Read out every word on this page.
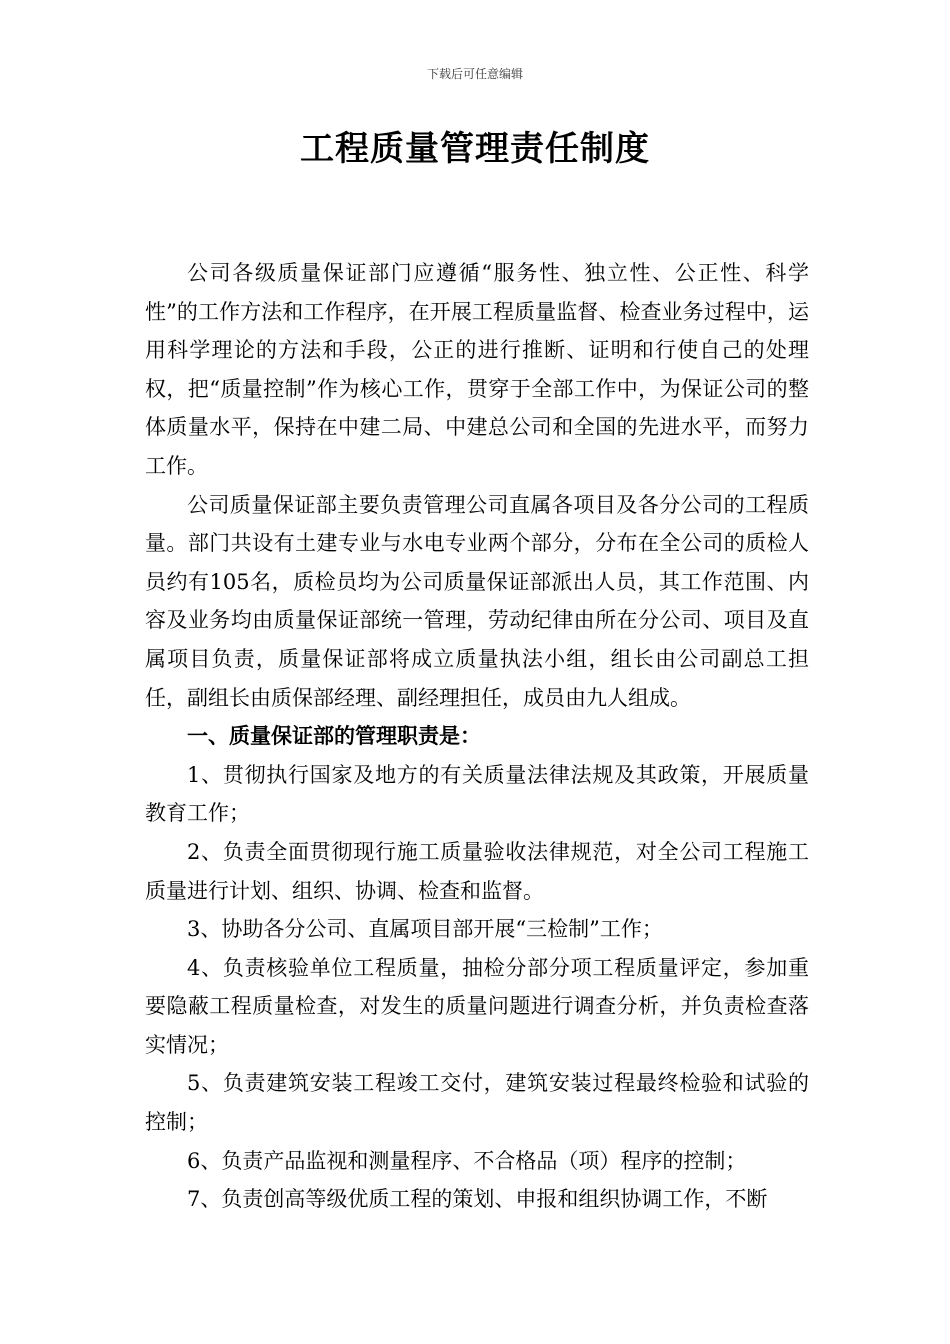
下载后可任意编辑
工程质量管理责任制度

公司各级质量保证部门应遵循“服务性、独立性、公正性、科学性”的工作方法和工作程序，在开展工程质量监督、检查业务过程中，运用科学理论的方法和手段，公正的进行推断、证明和行使自己的处理权，把“质量控制”作为核心工作，贯穿于全部工作中，为保证公司的整体质量水平，保持在中建二局、中建总公司和全国的先进水平，而努力工作。

公司质量保证部主要负责管理公司直属各项目及各分公司的工程质量。部门共设有土建专业与水电专业两个部分，分布在全公司的质检人员约有105名，质检员均为公司质量保证部派出人员，其工作范围、内容及业务均由质量保证部统一管理，劳动纪律由所在分公司、项目及直属项目负责，质量保证部将成立质量执法小组，组长由公司副总工担任，副组长由质保部经理、副经理担任，成员由九人组成。

一、质量保证部的管理职责是：

1、贯彻执行国家及地方的有关质量法律法规及其政策，开展质量教育工作；

2、负责全面贯彻现行施工质量验收法律规范，对全公司工程施工质量进行计划、组织、协调、检查和监督。

3、协助各分公司、直属项目部开展“三检制”工作；

4、负责核验单位工程质量，抽检分部分项工程质量评定，参加重要隐蔽工程质量检查，对发生的质量问题进行调查分析，并负责检查落实情况；

5、负责建筑安装工程竣工交付，建筑安装过程最终检验和试验的控制；

6、负责产品监视和测量程序、不合格品（项）程序的控制；

7、负责创高等级优质工程的策划、申报和组织协调工作，不断
